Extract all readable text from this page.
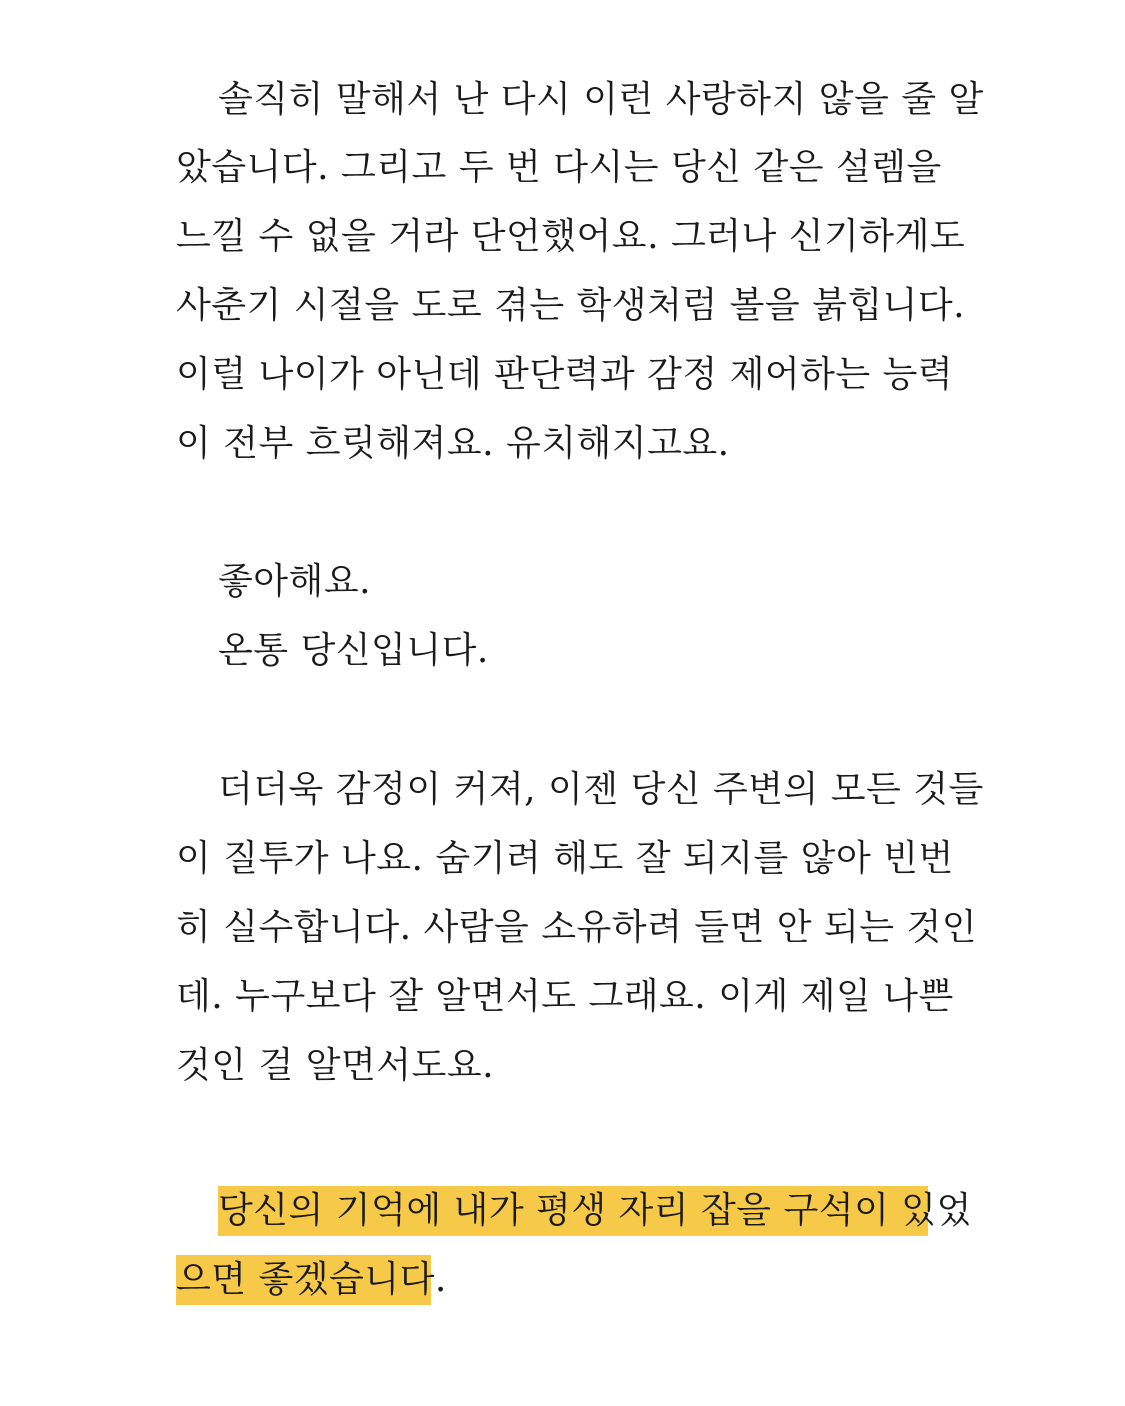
솔직히 말해서 난 다시 이런 사랑하지 않을 줄 알
았습니다. 그리고 두 번 다시는 당신 같은 설렘을
느낄 수 없을 거라 단언했어요. 그러나 신기하게도
사춘기 시절을 도로 겪는 학생처럼 볼을 붉힙니다.
이럴 나이가 아닌데 판단력과 감정 제어하는 능력
이 전부 흐릿해져요. 유치해지고요.
좋아해요.
온통 당신입니다.
더더욱 감정이 커져, 이젠 당신 주변의 모든 것들
이 질투가 나요. 숨기려 해도 잘 되지를 않아 빈번
히 실수합니다. 사람을 소유하려 들면 안 되는 것인
데. 누구보다 잘 알면서도 그래요. 이게 제일 나쁜
것인 걸 알면서도요.
당신의 기억에 내가 평생 자리 잡을 구석이 있었
으면 좋겠습니다.
